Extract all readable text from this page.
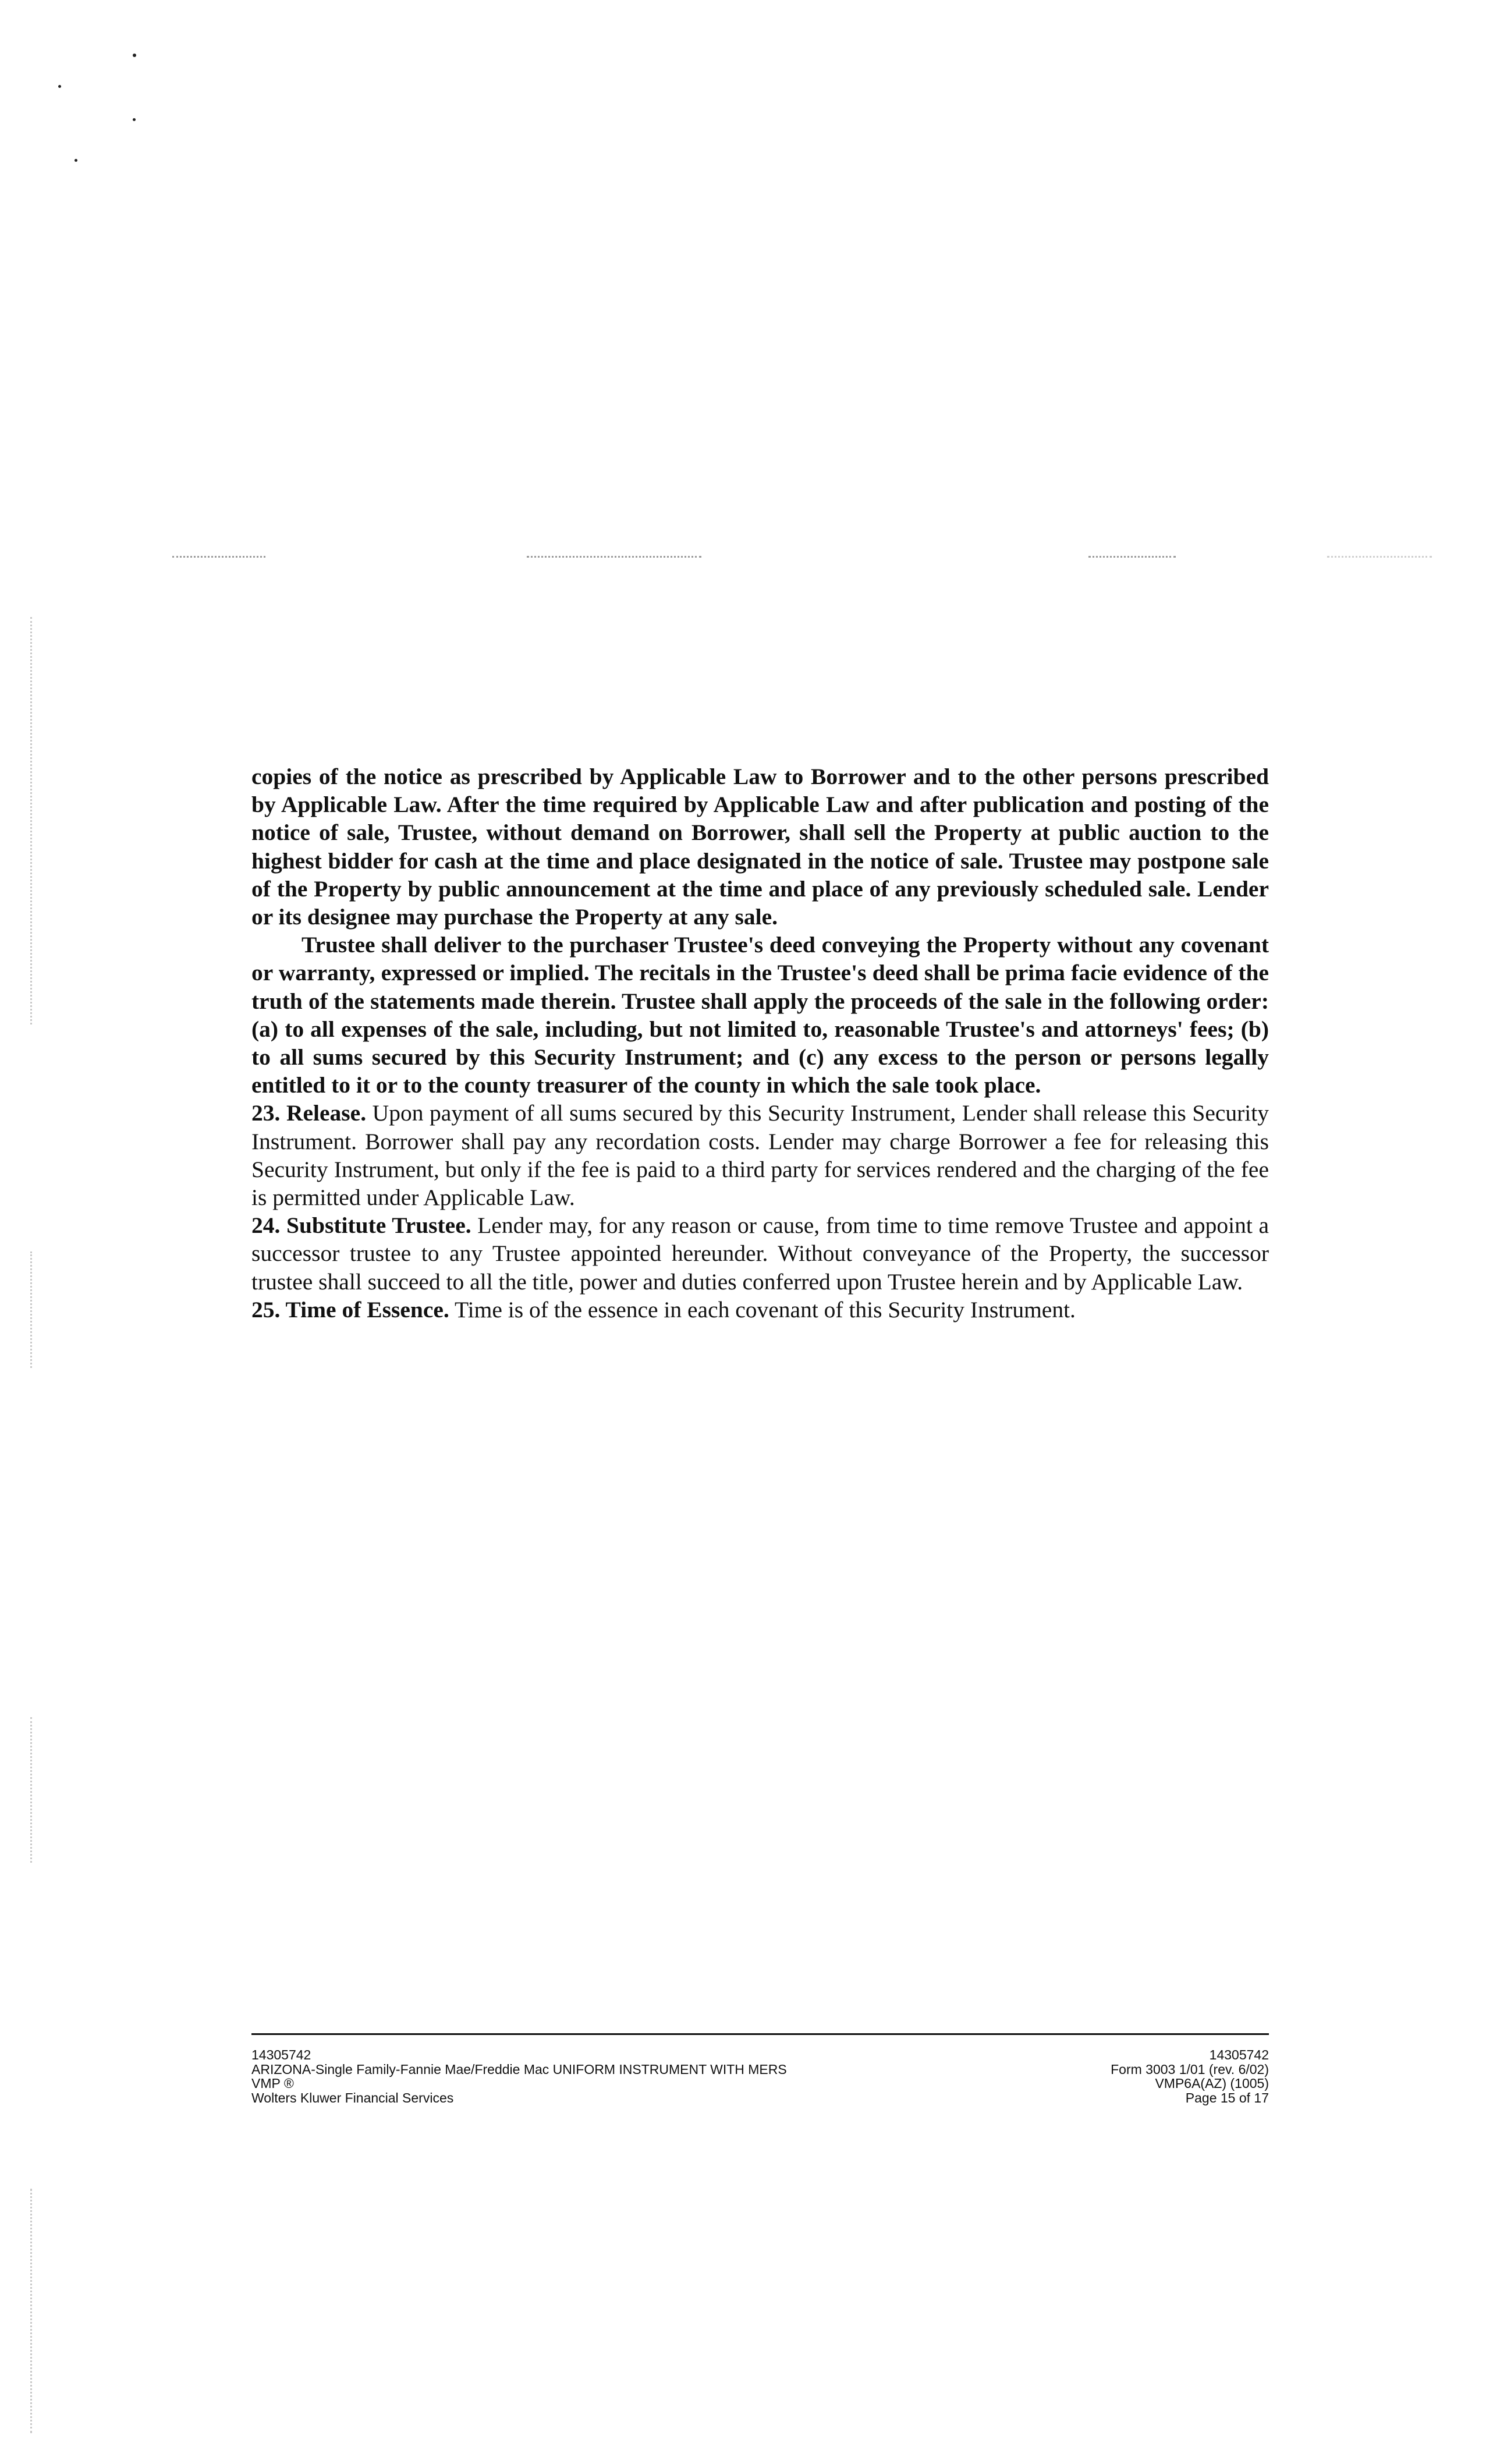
copies of the notice as prescribed by Applicable Law to Borrower and to the other persons prescribed by Applicable Law. After the time required by Applicable Law and after publication and posting of the notice of sale, Trustee, without demand on Borrower, shall sell the Property at public auction to the highest bidder for cash at the time and place designated in the notice of sale. Trustee may postpone sale of the Property by public announcement at the time and place of any previously scheduled sale. Lender or its designee may purchase the Property at any sale.

Trustee shall deliver to the purchaser Trustee's deed conveying the Property without any covenant or warranty, expressed or implied. The recitals in the Trustee's deed shall be prima facie evidence of the truth of the statements made therein. Trustee shall apply the proceeds of the sale in the following order: (a) to all expenses of the sale, including, but not limited to, reasonable Trustee's and attorneys' fees; (b) to all sums secured by this Security Instrument; and (c) any excess to the person or persons legally entitled to it or to the county treasurer of the county in which the sale took place.

23. Release. Upon payment of all sums secured by this Security Instrument, Lender shall release this Security Instrument. Borrower shall pay any recordation costs. Lender may charge Borrower a fee for releasing this Security Instrument, but only if the fee is paid to a third party for services rendered and the charging of the fee is permitted under Applicable Law.

24. Substitute Trustee. Lender may, for any reason or cause, from time to time remove Trustee and appoint a successor trustee to any Trustee appointed hereunder. Without conveyance of the Property, the successor trustee shall succeed to all the title, power and duties conferred upon Trustee herein and by Applicable Law.

25. Time of Essence. Time is of the essence in each covenant of this Security Instrument.

14305742
ARIZONA-Single Family-Fannie Mae/Freddie Mac UNIFORM INSTRUMENT WITH MERS
VMP ®
Wolters Kluwer Financial Services
14305742
Form 3003 1/01 (rev. 6/02)
VMP6A(AZ) (1005)
Page 15 of 17
